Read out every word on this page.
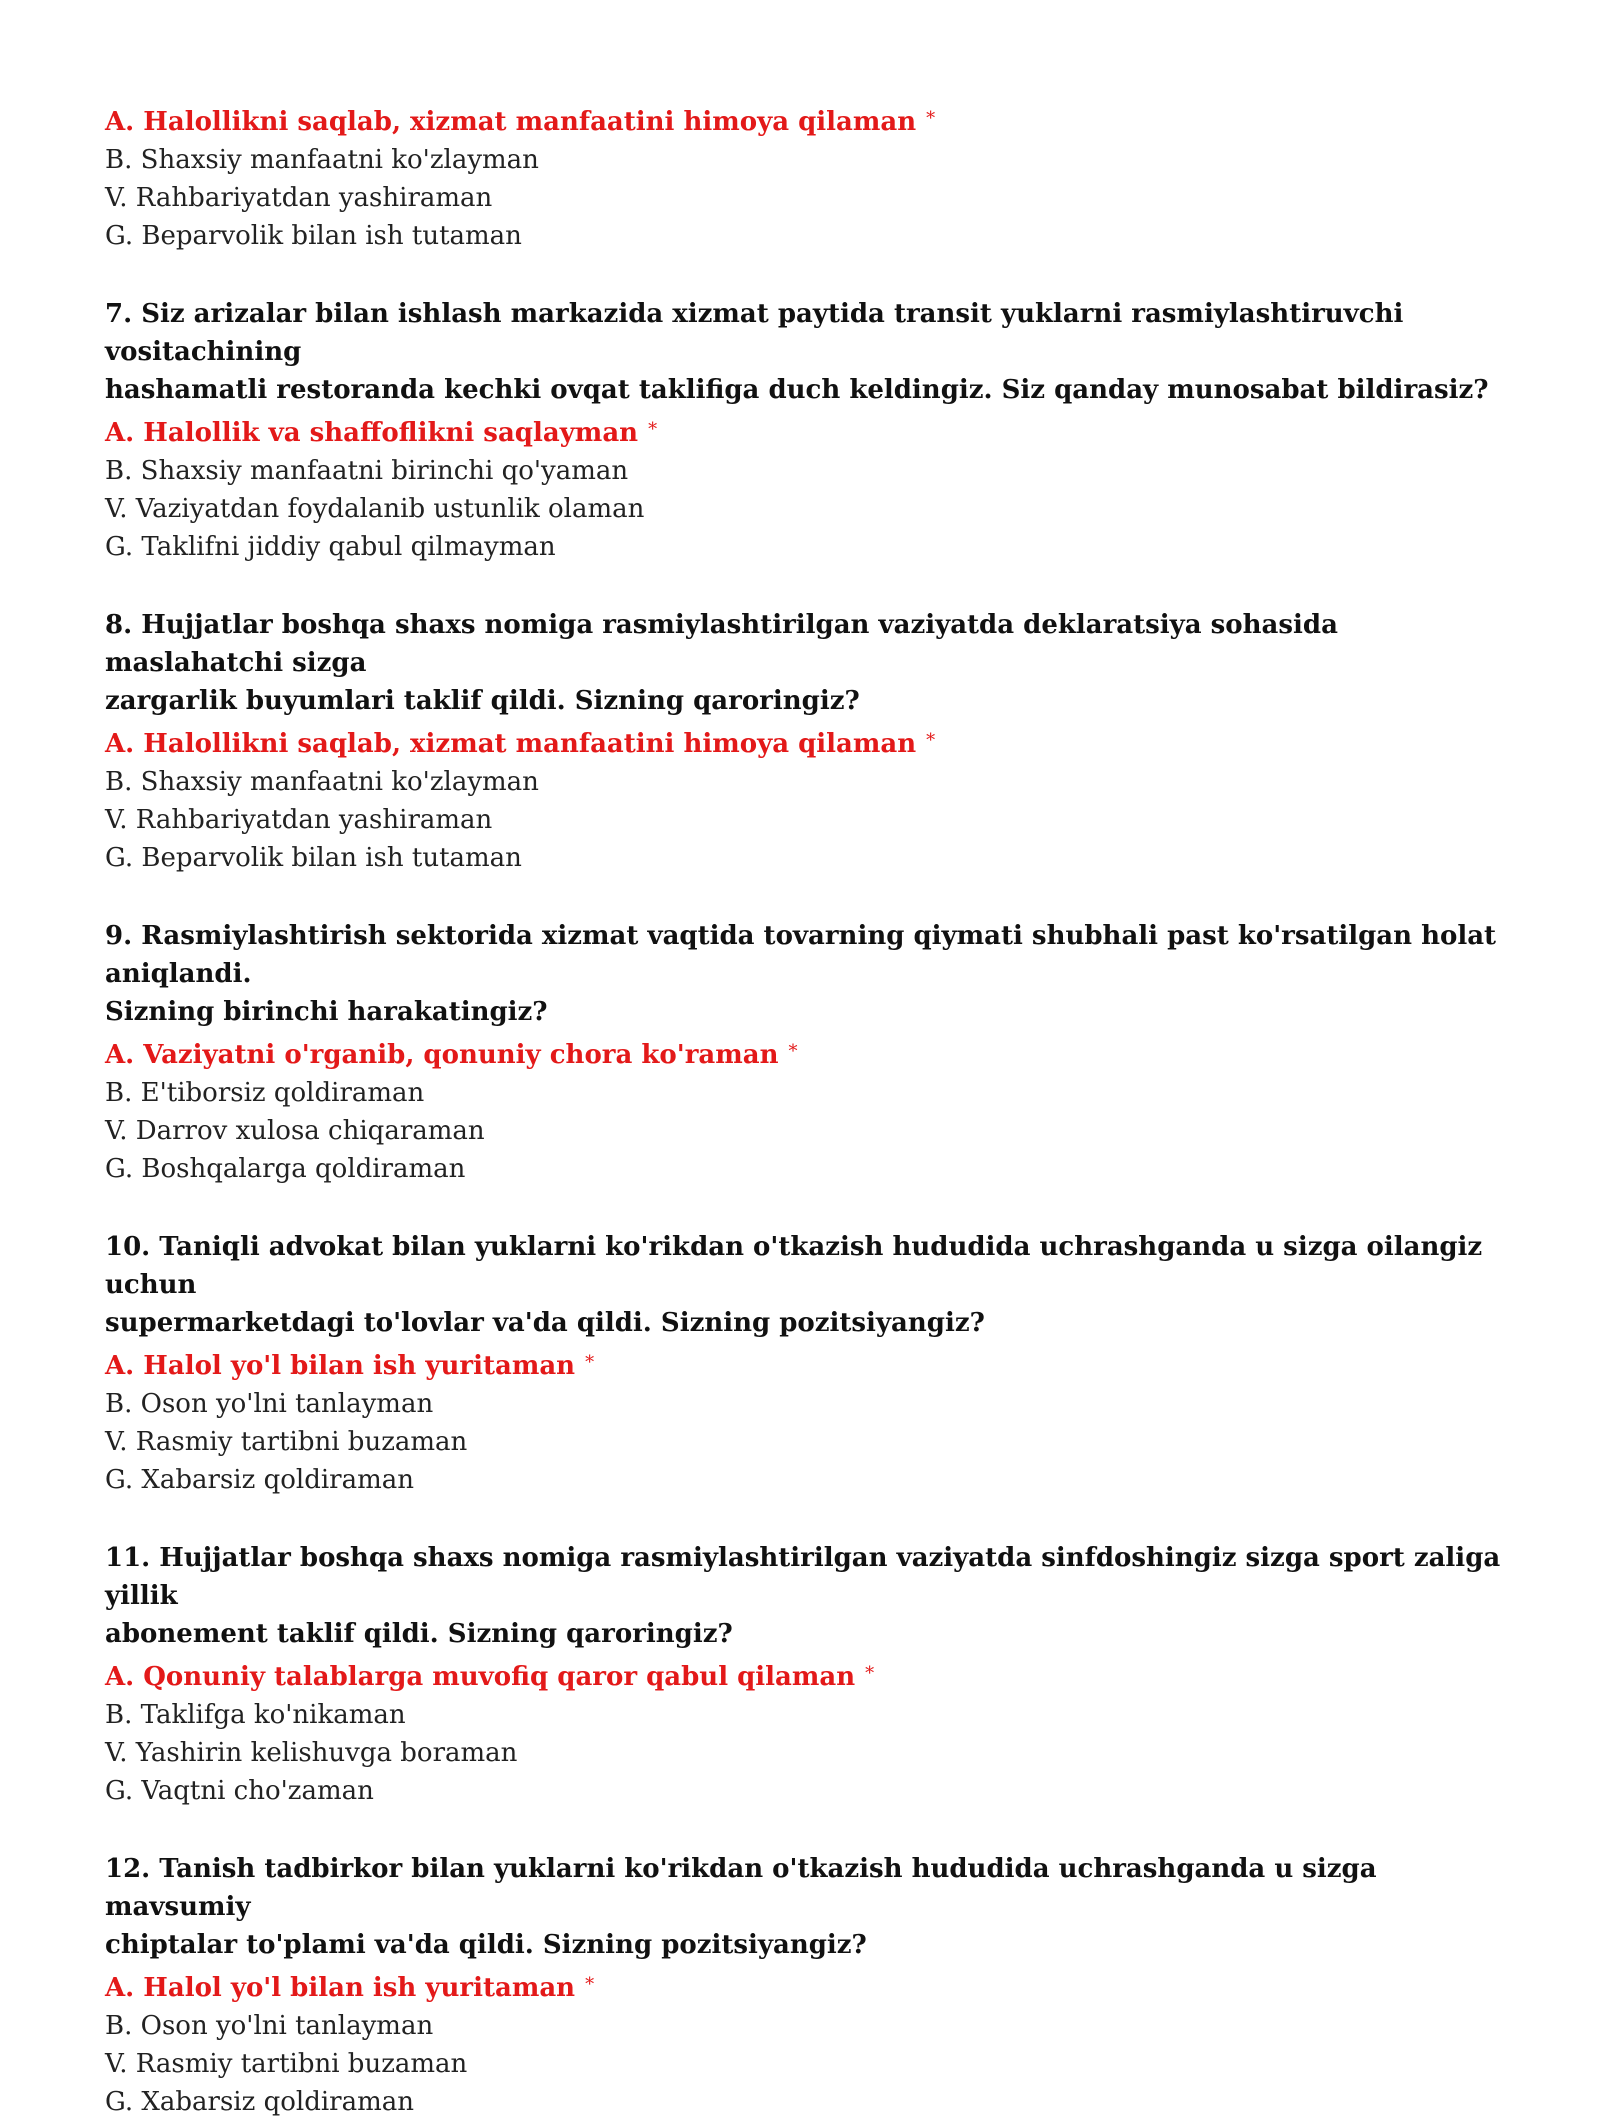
A. Halollikni saqlab, xizmat manfaatini himoya qilaman *

B. Shaxsiy manfaatni ko'zlayman

V. Rahbariyatdan yashiraman

G. Beparvolik bilan ish tutaman

7. Siz arizalar bilan ishlash markazida xizmat paytida transit yuklarni rasmiylashtiruvchi vositachining
hashamatli restoranda kechki ovqat taklifiga duch keldingiz. Siz qanday munosabat bildirasiz?

A. Halollik va shaffoflikni saqlayman *

B. Shaxsiy manfaatni birinchi qo'yaman

V. Vaziyatdan foydalanib ustunlik olaman

G. Taklifni jiddiy qabul qilmayman

8. Hujjatlar boshqa shaxs nomiga rasmiylashtirilgan vaziyatda deklaratsiya sohasida maslahatchi sizga
zargarlik buyumlari taklif qildi. Sizning qaroringiz?

A. Halollikni saqlab, xizmat manfaatini himoya qilaman *

B. Shaxsiy manfaatni ko'zlayman

V. Rahbariyatdan yashiraman

G. Beparvolik bilan ish tutaman

9. Rasmiylashtirish sektorida xizmat vaqtida tovarning qiymati shubhali past ko'rsatilgan holat aniqlandi.
Sizning birinchi harakatingiz?

A. Vaziyatni o'rganib, qonuniy chora ko'raman *

B. E'tiborsiz qoldiraman

V. Darrov xulosa chiqaraman

G. Boshqalarga qoldiraman

10. Taniqli advokat bilan yuklarni ko'rikdan o'tkazish hududida uchrashganda u sizga oilangiz uchun
supermarketdagi to'lovlar va'da qildi. Sizning pozitsiyangiz?

A. Halol yo'l bilan ish yuritaman *

B. Oson yo'lni tanlayman

V. Rasmiy tartibni buzaman

G. Xabarsiz qoldiraman

11. Hujjatlar boshqa shaxs nomiga rasmiylashtirilgan vaziyatda sinfdoshingiz sizga sport zaliga yillik
abonement taklif qildi. Sizning qaroringiz?

A. Qonuniy talablarga muvofiq qaror qabul qilaman *

B. Taklifga ko'nikaman

V. Yashirin kelishuvga boraman

G. Vaqtni cho'zaman

12. Tanish tadbirkor bilan yuklarni ko'rikdan o'tkazish hududida uchrashganda u sizga mavsumiy
chiptalar to'plami va'da qildi. Sizning pozitsiyangiz?

A. Halol yo'l bilan ish yuritaman *

B. Oson yo'lni tanlayman

V. Rasmiy tartibni buzaman

G. Xabarsiz qoldiraman
